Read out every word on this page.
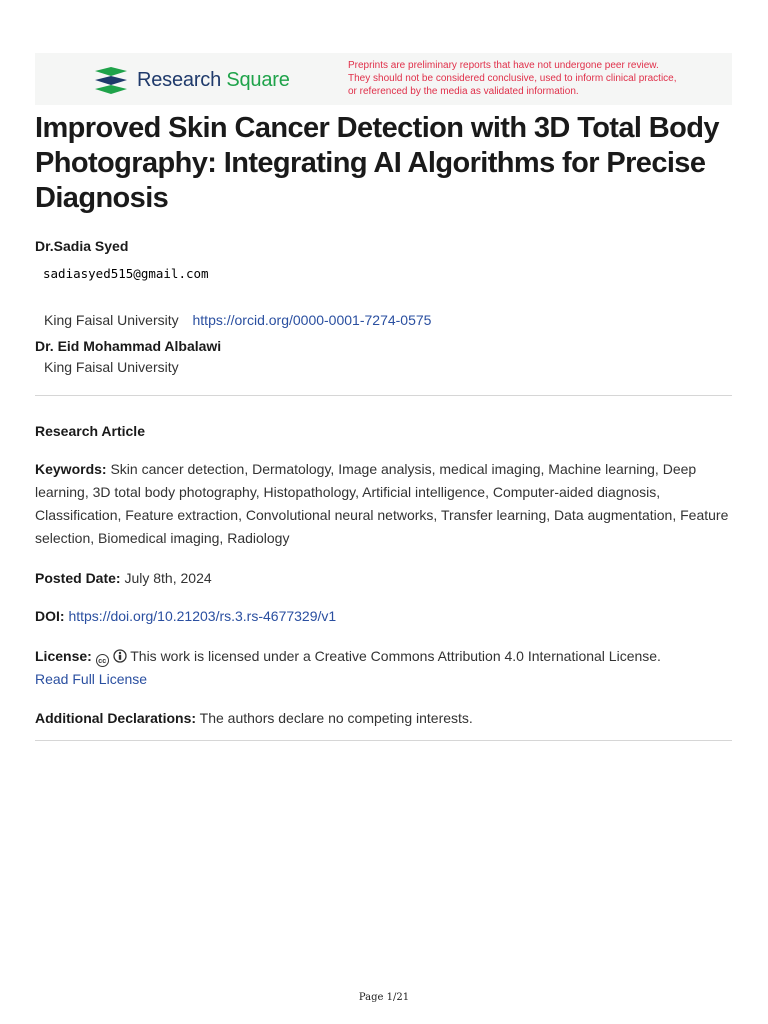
Research Square
Preprints are preliminary reports that have not undergone peer review.
They should not be considered conclusive, used to inform clinical practice,
or referenced by the media as validated information.
Improved Skin Cancer Detection with 3D Total Body Photography: Integrating AI Algorithms for Precise Diagnosis
Dr.Sadia Syed
sadiasyed515@gmail.com
King Faisal University https://orcid.org/0000-0001-7274-0575
Dr. Eid Mohammad Albalawi
King Faisal University
Research Article
Keywords: Skin cancer detection, Dermatology, Image analysis, medical imaging, Machine learning, Deep learning, 3D total body photography, Histopathology, Artificial intelligence, Computer-aided diagnosis, Classification, Feature extraction, Convolutional neural networks, Transfer learning, Data augmentation, Feature selection, Biomedical imaging, Radiology
Posted Date: July 8th, 2024
DOI: https://doi.org/10.21203/rs.3.rs-4677329/v1
License: cc This work is licensed under a Creative Commons Attribution 4.0 International License.
Read Full License
Additional Declarations: The authors declare no competing interests.
Page 1/21
